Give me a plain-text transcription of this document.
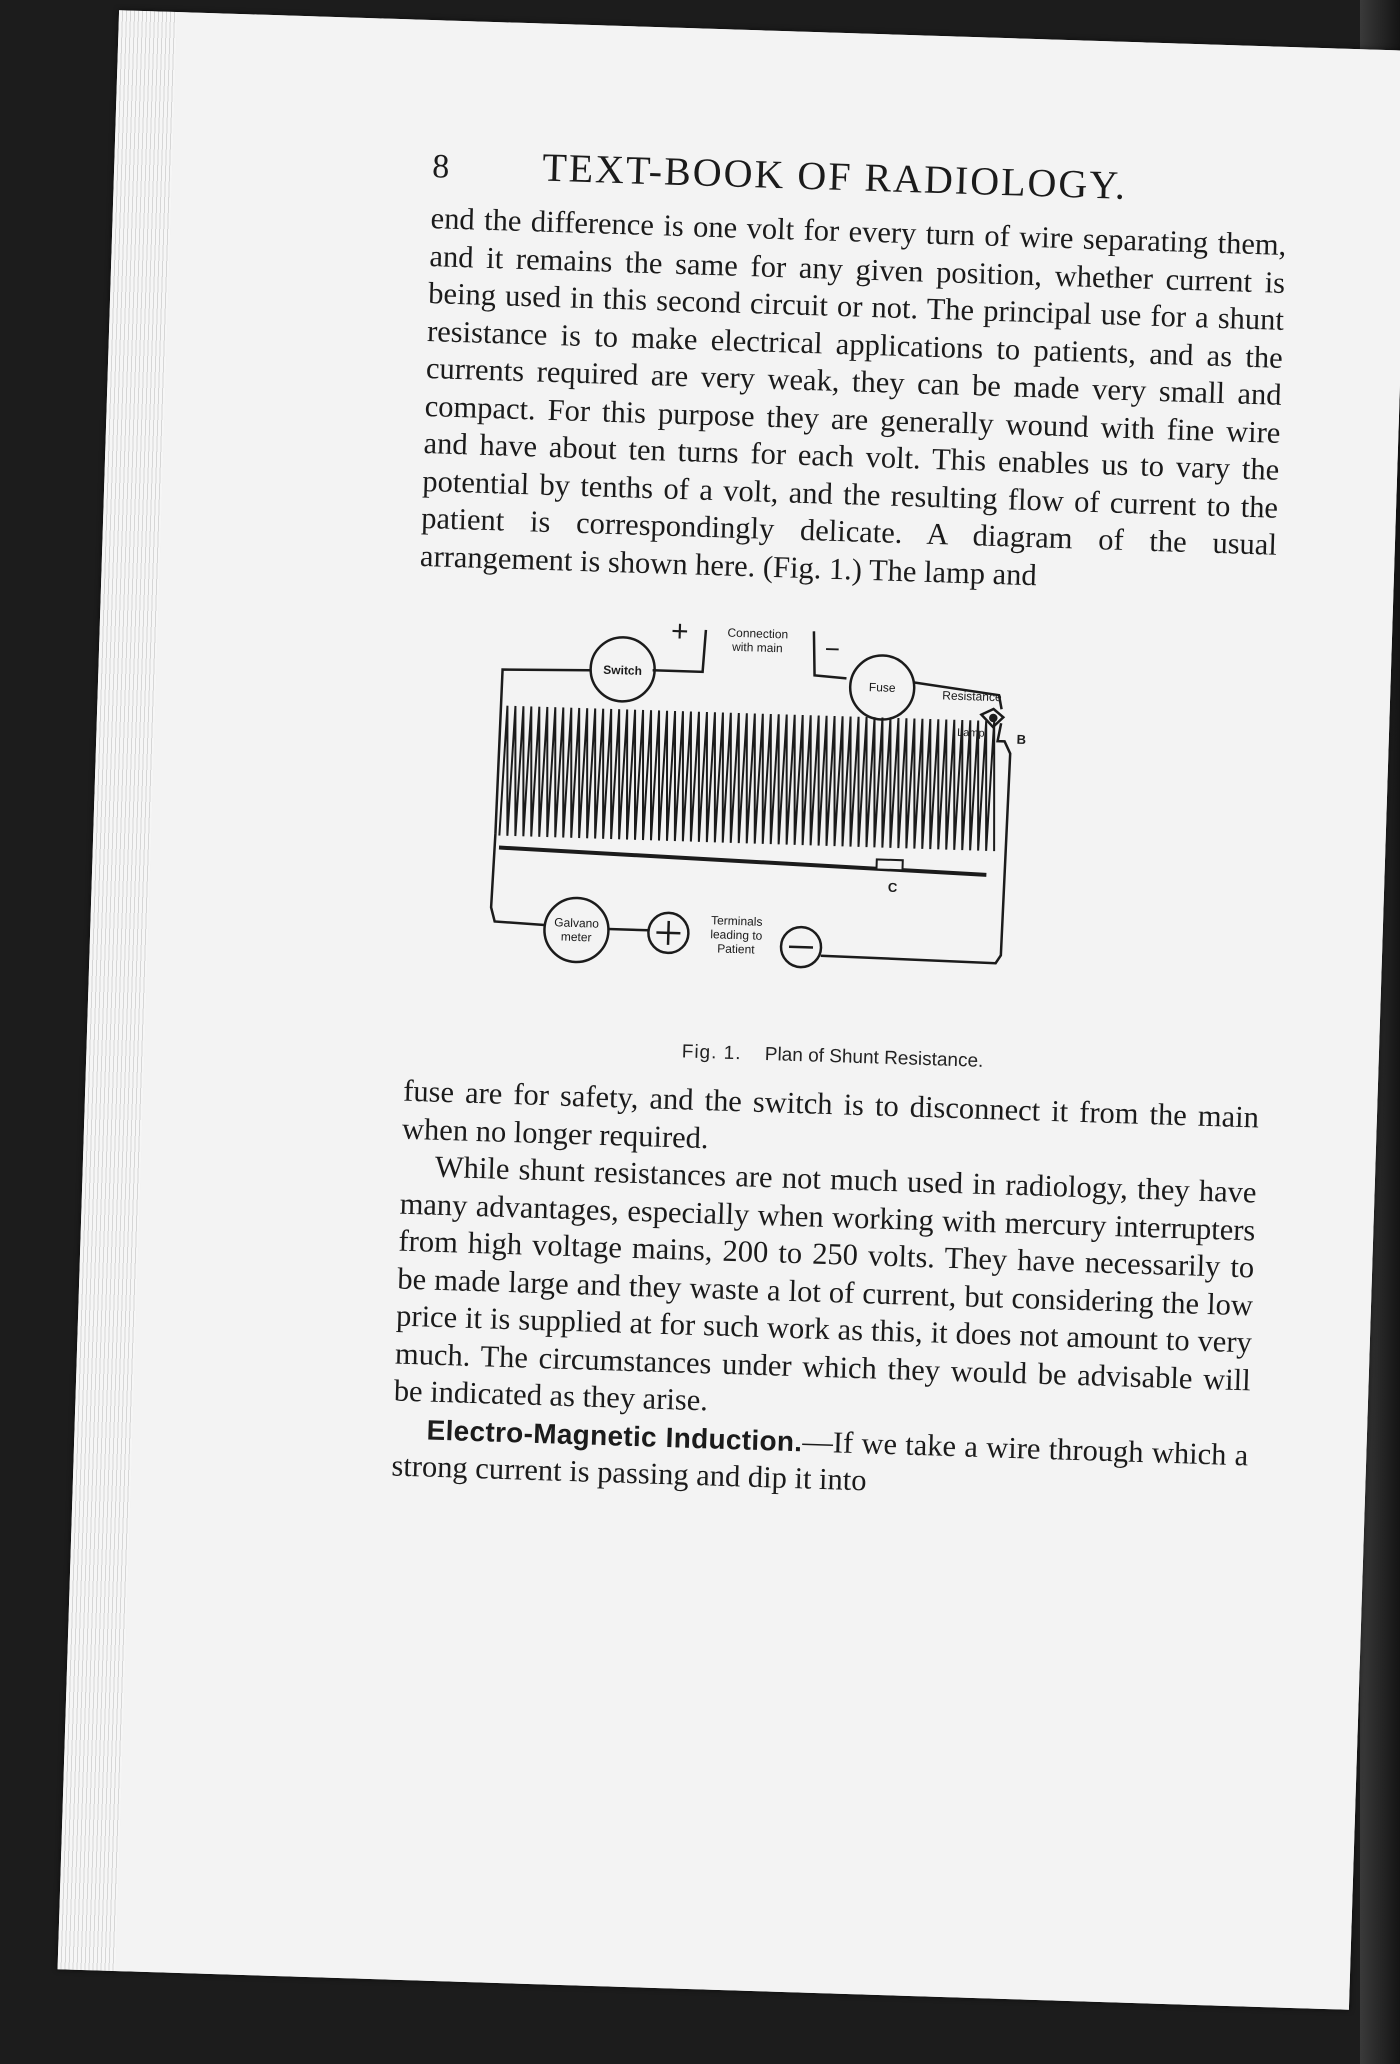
8	TEXT-BOOK OF RADIOLOGY.

end the difference is one volt for every turn of wire separating them, and it remains the same for any given position, whether current is being used in this second circuit or not. The principal use for a shunt resistance is to make electrical applications to patients, and as the currents required are very weak, they can be made very small and compact. For this purpose they are generally wound with fine wire and have about ten turns for each volt. This enables us to vary the potential by tenths of a volt, and the resulting flow of current to the patient is correspondingly delicate. A diagram of the usual arrangement is shown here. (Fig. 1.) The lamp and

Switch
+	Connection
with main −
Fuse
Resistance
Lamp B
C
Galvano
meter
Terminals
leading to
Patient
Fig. 1. Plan of Shunt Resistance.

fuse are for safety, and the switch is to disconnect it from the main when no longer required.

While shunt resistances are not much used in radiology, they have many advantages, especially when working with mercury interrupters from high voltage mains, 200 to 250 volts. They have necessarily to be made large and they waste a lot of current, but considering the low price it is supplied at for such work as this, it does not amount to very much. The circumstances under which they would be advisable will be indicated as they arise.

Electro-Magnetic Induction.—If we take a wire through which a strong current is passing and dip it into
